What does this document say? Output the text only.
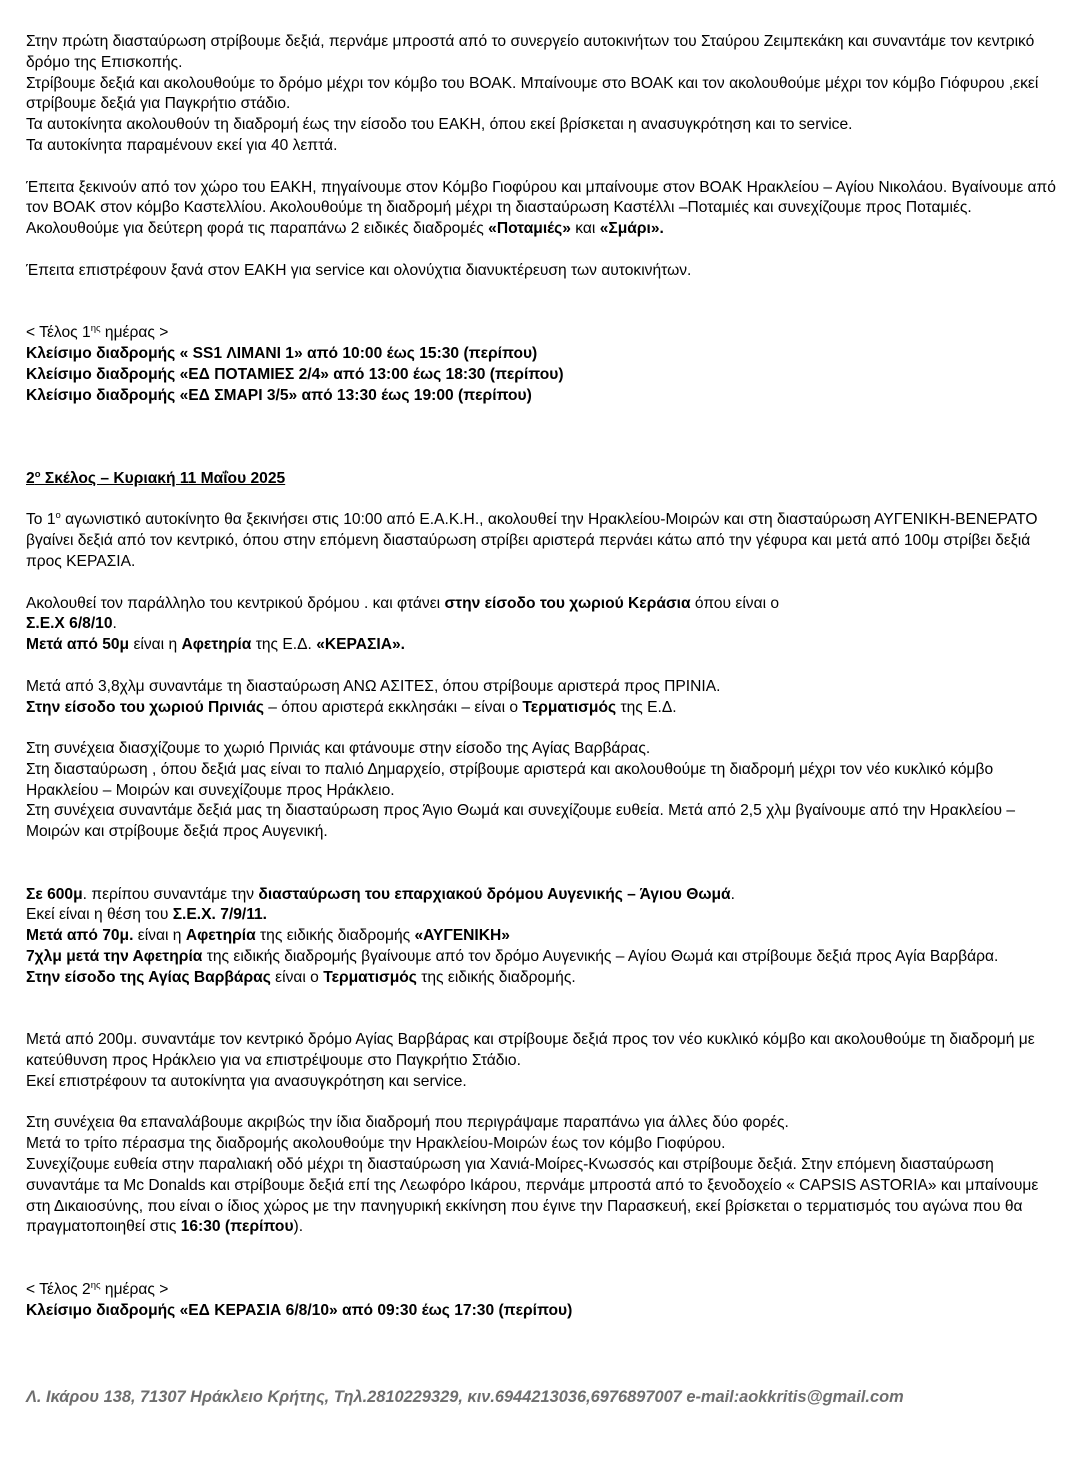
Στην πρώτη διασταύρωση στρίβουμε δεξιά, περνάμε μπροστά από το συνεργείο αυτοκινήτων του Σταύρου Ζειμπεκάκη και συναντάμε τον κεντρικό δρόμο της Επισκοπής.

Στρίβουμε δεξιά και ακολουθούμε το δρόμο μέχρι τον κόμβο του ΒΟΑΚ. Μπαίνουμε στο ΒΟΑΚ και τον ακολουθούμε μέχρι τον κόμβο Γιόφυρου ,εκεί στρίβουμε δεξιά για Παγκρήτιο στάδιο.

Τα αυτοκίνητα ακολουθούν τη διαδρομή έως την είσοδο του ΕΑΚΗ, όπου εκεί βρίσκεται η ανασυγκρότηση και το service.

Τα αυτοκίνητα παραμένουν εκεί για 40 λεπτά.

Έπειτα ξεκινούν από τον χώρο του ΕΑΚΗ, πηγαίνουμε στον Κόμβο Γιοφύρου και μπαίνουμε στον ΒΟΑΚ Ηρακλείου – Αγίου Νικολάου. Βγαίνουμε από τον ΒΟΑΚ στον κόμβο Καστελλίου. Ακολουθούμε τη διαδρομή μέχρι τη διασταύρωση Καστέλλι –Ποταμιές και συνεχίζουμε προς Ποταμιές.

Ακολουθούμε για δεύτερη φορά τις παραπάνω 2 ειδικές διαδρομές «Ποταμιές» και «Σμάρι».

Έπειτα επιστρέφουν ξανά στον ΕΑΚΗ για service και ολονύχτια διανυκτέρευση των αυτοκινήτων.

< Τέλος $1^{\eta\varsigma}$ ημέρας >

Κλείσιμο διαδρομής « SS1 ΛΙΜΑΝΙ 1» από 10:00 έως 15:30 (περίπου)

Κλείσιμο διαδρομής «ΕΔ ΠΟΤΑΜΙΕΣ 2/4» από 13:00 έως 18:30 (περίπου)

Κλείσιμο διαδρομής «ΕΔ ΣΜΑΡΙ 3/5» από 13:30 έως 19:00 (περίπου)

$2^o$ Σκέλος – Κυριακή 11 Μαΐου 2025

Το $1^o$ αγωνιστικό αυτοκίνητο θα ξεκινήσει στις 10:00 από Ε.Α.Κ.Η., ακολουθεί την Ηρακλείου-Μοιρών και στη διασταύρωση ΑΥΓΕΝΙΚΗ-ΒΕΝΕΡΑΤΟ βγαίνει δεξιά από τον κεντρικό, όπου στην επόμενη διασταύρωση στρίβει αριστερά περνάει κάτω από την γέφυρα και μετά από 100μ στρίβει δεξιά προς ΚΕΡΑΣΙΑ.

Ακολουθεί τον παράλληλο του κεντρικού δρόμου . και φτάνει στην είσοδο του χωριού Κεράσια όπου είναι ο

Σ.Ε.Χ 6/8/10.

Μετά από 50μ είναι η Αφετηρία της Ε.Δ. «ΚΕΡΑΣΙΑ».

Μετά από 3,8χλμ συναντάμε τη διασταύρωση ΑΝΩ ΑΣΙΤΕΣ, όπου στρίβουμε αριστερά προς ΠΡΙΝΙΑ.

Στην είσοδο του χωριού Πρινιάς – όπου αριστερά εκκλησάκι – είναι ο Τερματισμός της Ε.Δ.

Στη συνέχεια διασχίζουμε το χωριό Πρινιάς και φτάνουμε στην είσοδο της Αγίας Βαρβάρας.

Στη διασταύρωση , όπου δεξιά μας είναι το παλιό Δημαρχείο, στρίβουμε αριστερά και ακολουθούμε τη διαδρομή μέχρι τον νέο κυκλικό κόμβο Ηρακλείου – Μοιρών και συνεχίζουμε προς Ηράκλειο.

Στη συνέχεια συναντάμε δεξιά μας τη διασταύρωση προς Άγιο Θωμά και συνεχίζουμε ευθεία. Μετά από 2,5 χλμ βγαίνουμε από την Ηρακλείου – Μοιρών και στρίβουμε δεξιά προς Αυγενική.

Σε 600μ. περίπου συναντάμε την διασταύρωση του επαρχιακού δρόμου Αυγενικής – Άγιου Θωμά.

Εκεί είναι η θέση του Σ.Ε.Χ. 7/9/11.

Μετά από 70μ. είναι η Αφετηρία της ειδικής διαδρομής «ΑΥΓΕΝΙΚΗ»

7χλμ μετά την Αφετηρία της ειδικής διαδρομής βγαίνουμε από τον δρόμο Αυγενικής – Αγίου Θωμά και στρίβουμε δεξιά προς Αγία Βαρβάρα.

Στην είσοδο της Αγίας Βαρβάρας είναι ο Τερματισμός της ειδικής διαδρομής.

Μετά από 200μ. συναντάμε τον κεντρικό δρόμο Αγίας Βαρβάρας και στρίβουμε δεξιά προς τον νέο κυκλικό κόμβο και ακολουθούμε τη διαδρομή με κατεύθυνση προς Ηράκλειο για να επιστρέψουμε στο Παγκρήτιο Στάδιο.

Εκεί επιστρέφουν τα αυτοκίνητα για ανασυγκρότηση και service.

Στη συνέχεια θα επαναλάβουμε ακριβώς την ίδια διαδρομή που περιγράψαμε παραπάνω για άλλες δύο φορές.

Μετά το τρίτο πέρασμα της διαδρομής ακολουθούμε την Ηρακλείου-Μοιρών έως τον κόμβο Γιοφύρου.

Συνεχίζουμε ευθεία στην παραλιακή οδό μέχρι τη διασταύρωση για Χανιά-Μοίρες-Κνωσσός και στρίβουμε δεξιά. Στην επόμενη διασταύρωση συναντάμε τα Mc Donalds και στρίβουμε δεξιά επί της Λεωφόρο Ικάρου, περνάμε μπροστά από το ξενοδοχείο « CAPSIS ASTORIA» και μπαίνουμε στη Δικαιοσύνης, που είναι ο ίδιος χώρος με την πανηγυρική εκκίνηση που έγινε την Παρασκευή, εκεί βρίσκεται ο τερματισμός του αγώνα που θα πραγματοποιηθεί στις 16:30 (περίπου).

< Τέλος $2^{\eta\varsigma}$ ημέρας >

Κλείσιμο διαδρομής «ΕΔ ΚΕΡΑΣΙΑ 6/8/10» από 09:30 έως 17:30 (περίπου)

Λ. Ικάρου 138, 71307 Ηράκλειο Κρήτης, Τηλ.2810229329, κιν.6944213036,6976897007 e-mail:aokkritis@gmail.com
